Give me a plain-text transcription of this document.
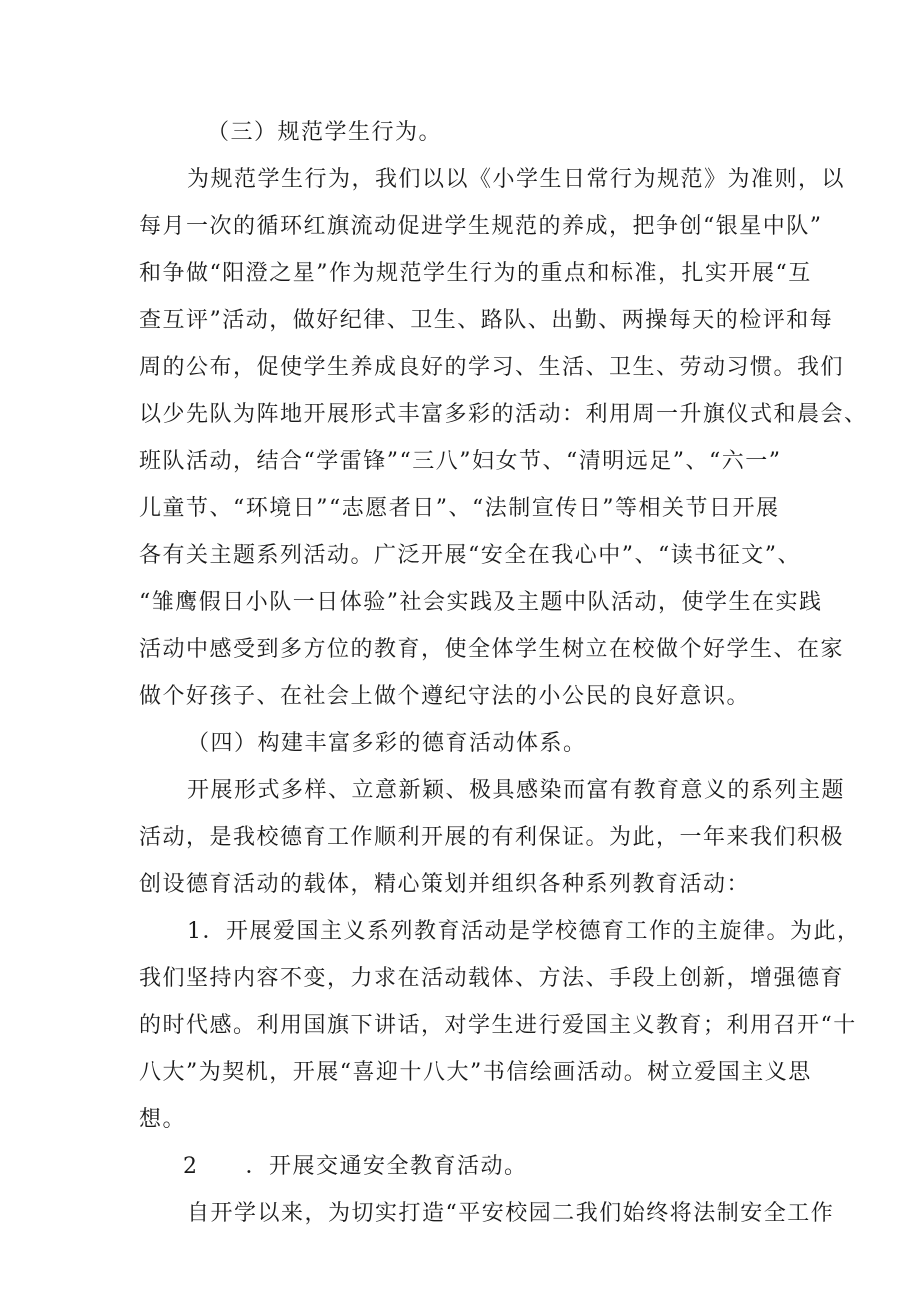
（三）规范学生行为。
为规范学生行为，我们以以《小学生日常行为规范》为准则，以
每月一次的循环红旗流动促进学生规范的养成，把争创“银星中队”
和争做“阳澄之星”作为规范学生行为的重点和标准，扎实开展“互
查互评”活动，做好纪律、卫生、路队、出勤、两操每天的检评和每
周的公布，促使学生养成良好的学习、生活、卫生、劳动习惯。我们
以少先队为阵地开展形式丰富多彩的活动：利用周一升旗仪式和晨会、
班队活动，结合“学雷锋”“三八”妇女节、“清明远足”、“六一”
儿童节、“环境日”“志愿者日”、“法制宣传日”等相关节日开展
各有关主题系列活动。广泛开展“安全在我心中”、“读书征文”、
“雏鹰假日小队一日体验”社会实践及主题中队活动，使学生在实践
活动中感受到多方位的教育，使全体学生树立在校做个好学生、在家
做个好孩子、在社会上做个遵纪守法的小公民的良好意识。
（四）构建丰富多彩的德育活动体系。
开展形式多样、立意新颖、极具感染而富有教育意义的系列主题
活动，是我校德育工作顺利开展的有利保证。为此，一年来我们积极
创设德育活动的载体，精心策划并组织各种系列教育活动：
1．开展爱国主义系列教育活动是学校德育工作的主旋律。为此，
我们坚持内容不变，力求在活动载体、方法、手段上创新，增强德育
的时代感。利用国旗下讲话，对学生进行爱国主义教育；利用召开“十
八大”为契机，开展“喜迎十八大”书信绘画活动。树立爱国主义思
想。
2　　．开展交通安全教育活动。
自开学以来，为切实打造“平安校园二我们始终将法制安全工作
